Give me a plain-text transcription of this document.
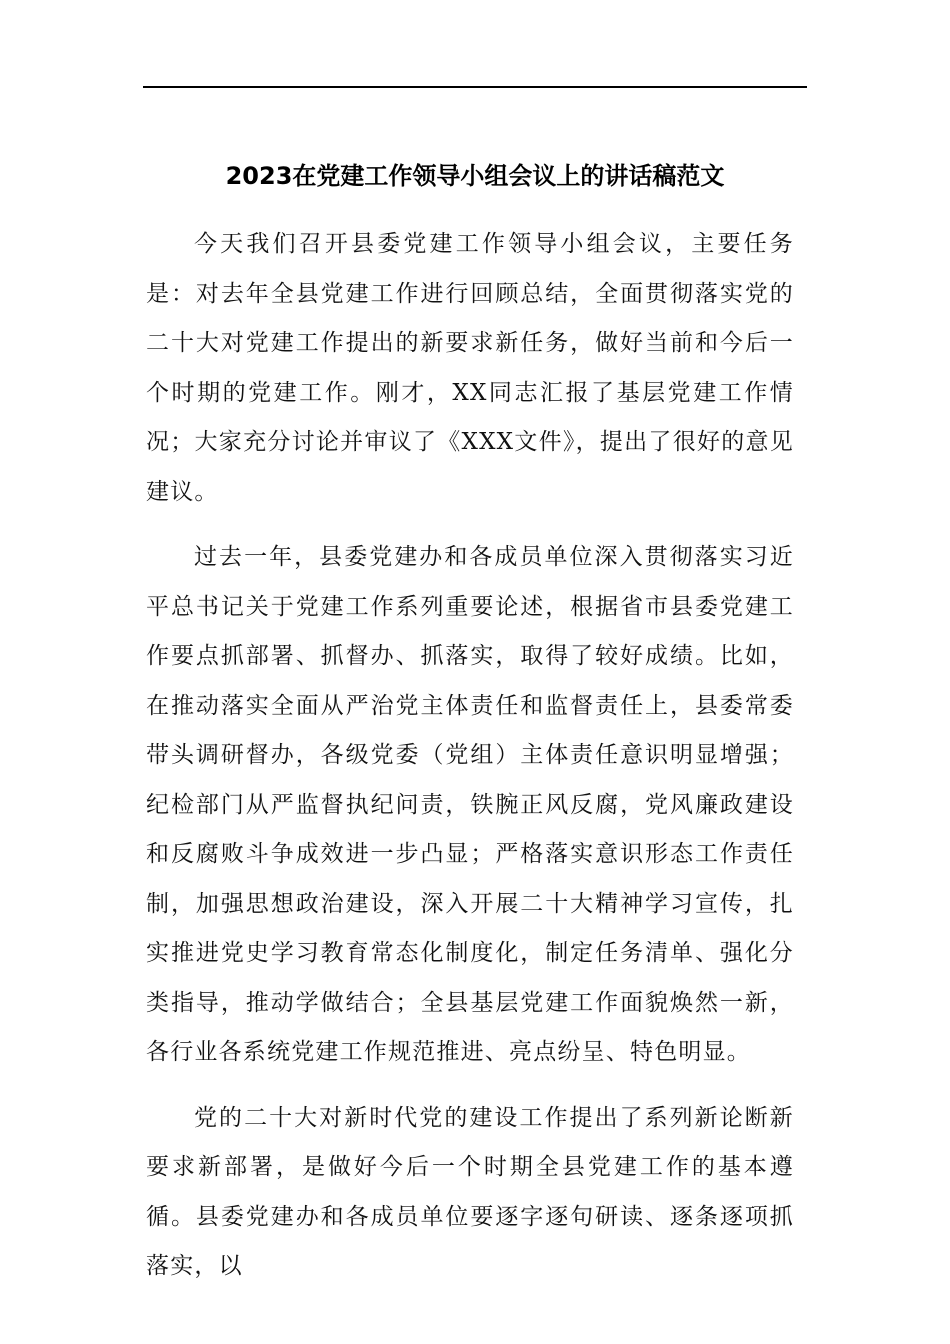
2023在党建工作领导小组会议上的讲话稿范文

今天我们召开县委党建工作领导小组会议，主要任务是：对去年全县党建工作进行回顾总结，全面贯彻落实党的二十大对党建工作提出的新要求新任务，做好当前和今后一个时期的党建工作。刚才，XX同志汇报了基层党建工作情况；大家充分讨论并审议了《XXX文件》，提出了很好的意见建议。

过去一年，县委党建办和各成员单位深入贯彻落实习近平总书记关于党建工作系列重要论述，根据省市县委党建工作要点抓部署、抓督办、抓落实，取得了较好成绩。比如，在推动落实全面从严治党主体责任和监督责任上，县委常委带头调研督办，各级党委（党组）主体责任意识明显增强；纪检部门从严监督执纪问责，铁腕正风反腐，党风廉政建设和反腐败斗争成效进一步凸显；严格落实意识形态工作责任制，加强思想政治建设，深入开展二十大精神学习宣传，扎实推进党史学习教育常态化制度化，制定任务清单、强化分类指导，推动学做结合；全县基层党建工作面貌焕然一新，各行业各系统党建工作规范推进、亮点纷呈、特色明显。

党的二十大对新时代党的建设工作提出了系列新论断新要求新部署，是做好今后一个时期全县党建工作的基本遵循。县委党建办和各成员单位要逐字逐句研读、逐条逐项抓落实，以
